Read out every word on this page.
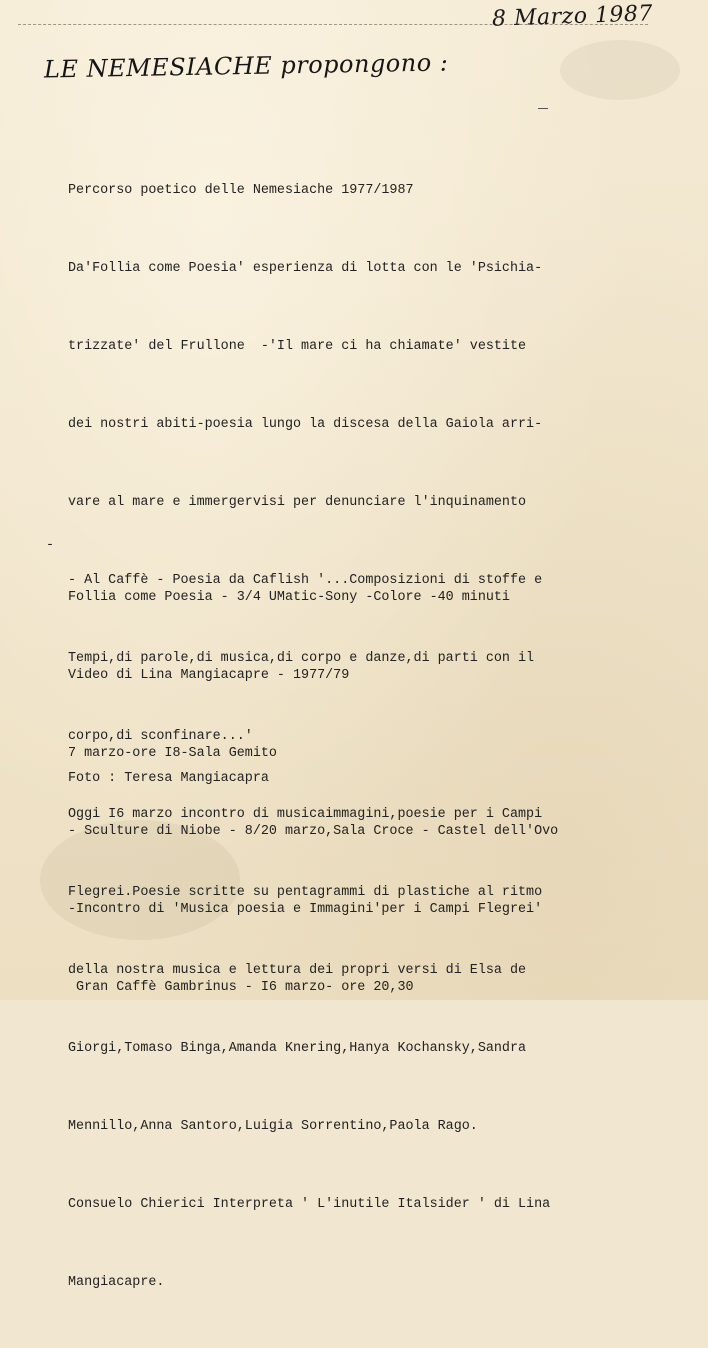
8 Marzo 1987
LE NEMESIACHE propongono :

Percorso poetico delle Nemesiache 1977/1987

Da'Follia come Poesia' esperienza di lotta con le 'Psichia-

trizzate' del Frullone  -'Il mare ci ha chiamate' vestite

dei nostri abiti-poesia lungo la discesa della Gaiola arri-

vare al mare e immergervisi per denunciare l'inquinamento

- Al Caffè - Poesia da Caflish '...Composizioni di stoffe e

Tempi,di parole,di musica,di corpo e danze,di parti con il

corpo,di sconfinare...'

Oggi I6 marzo incontro di musicaimmagini,poesie per i Campi

Flegrei.Poesie scritte su pentagrammi di plastiche al ritmo

della nostra musica e lettura dei propri versi di Elsa de

Giorgi,Tomaso Binga,Amanda Knering,Hanya Kochansky,Sandra

Mennillo,Anna Santoro,Luigia Sorrentino,Paola Rago.

Consuelo Chierici Interpreta ' L'inutile Italsider ' di Lina

Mangiacapre.

-

Follia come Poesia - 3/4 UMatic-Sony -Colore -40 minuti

Video di Lina Mangiacapre - 1977/79

7 marzo-ore I8-Sala Gemito

- Sculture di Niobe - 8/20 marzo,Sala Croce - Castel dell'Ovo

-Incontro di 'Musica poesia e Immagini'per i Campi Flegrei'

Gran Caffè Gambrinus - I6 marzo- ore 20,30

Foto : Teresa Mangiacapra
